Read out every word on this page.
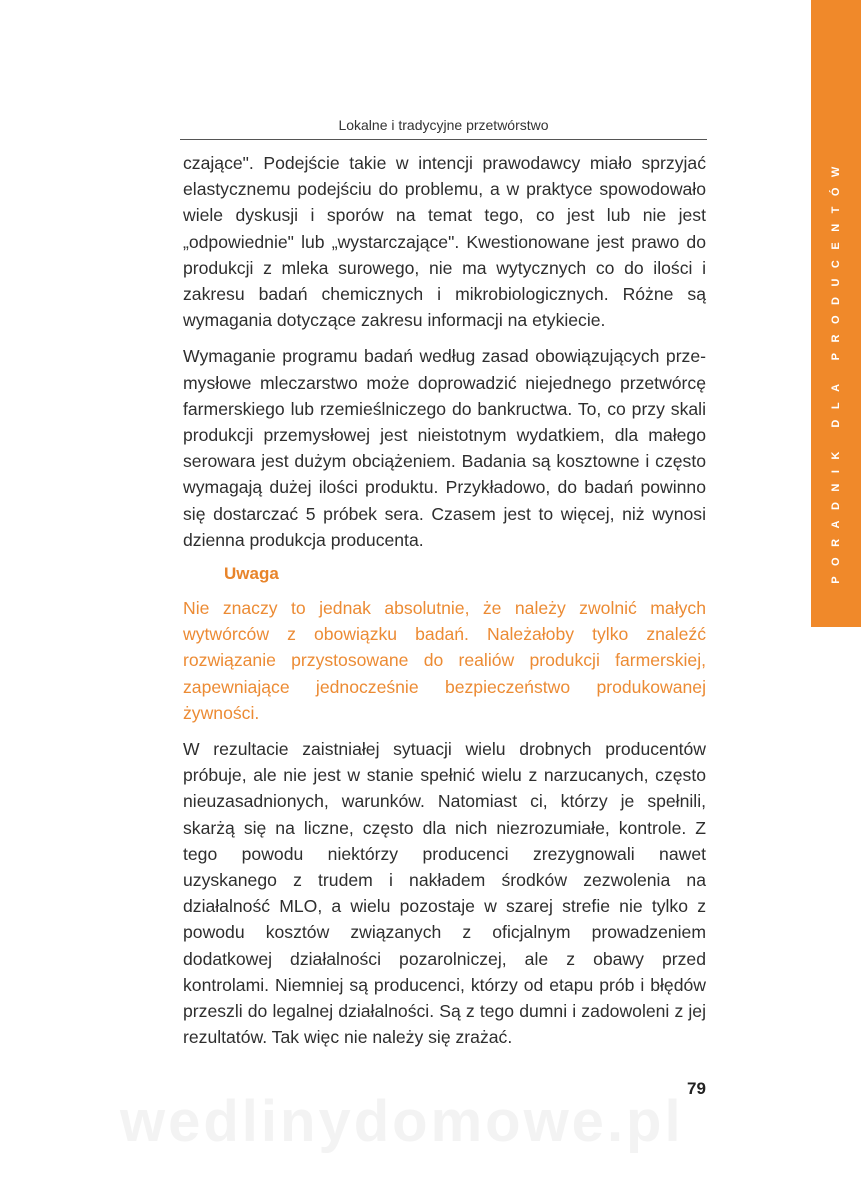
PORADNIK DLA PRODUCENTÓW
Lokalne i tradycyjne przetwórstwo

czające". Podejście takie w intencji prawodawcy miało sprzyjać elastycznemu podejściu do problemu, a w praktyce spowodowało wiele dyskusji i sporów na temat tego, co jest lub nie jest „odpowiednie" lub „wystarczające". Kwestionowane jest prawo do produkcji z mleka surowego, nie ma wytycznych co do ilości i zakresu badań chemicznych i mikrobiologicznych. Różne są wymagania dotyczące zakresu informacji na etykiecie.

Wymaganie programu badań według zasad obowiązujących przemysłowe mleczarstwo może doprowadzić niejednego przetwórcę farmerskiego lub rzemieślniczego do bankructwa. To, co przy skali produkcji przemysłowej jest nieistotnym wydatkiem, dla małego serowara jest dużym obciążeniem. Badania są kosztowne i często wymagają dużej ilości produktu. Przykładowo, do badań powinno się dostarczać 5 próbek sera. Czasem jest to więcej, niż wynosi dzienna produkcja producenta.

Uwaga

Nie znaczy to jednak absolutnie, że należy zwolnić małych wytwórców z obowiązku badań. Należałoby tylko znaleźć rozwiązanie przystosowane do realiów produkcji farmerskiej, zapewniające jednocześnie bezpieczeństwo produkowanej żywności.

W rezultacie zaistniałej sytuacji wielu drobnych producentów próbuje, ale nie jest w stanie spełnić wielu z narzucanych, często nieuzasadnionych, warunków. Natomiast ci, którzy je spełnili, skarżą się na liczne, często dla nich niezrozumiałe, kontrole. Z tego powodu niektórzy producenci zrezygnowali nawet uzyskanego z trudem i nakładem środków zezwolenia na działalność MLO, a wielu pozostaje w szarej strefie nie tylko z powodu kosztów związanych z oficjalnym prowadzeniem dodatkowej działalności pozarolniczej, ale z obawy przed kontrolami. Niemniej są producenci, którzy od etapu prób i błędów przeszli do legalnej działalności. Są z tego dumni i zadowoleni z jej rezultatów. Tak więc nie należy się zrażać.

79
wedlinydomowe.pl
